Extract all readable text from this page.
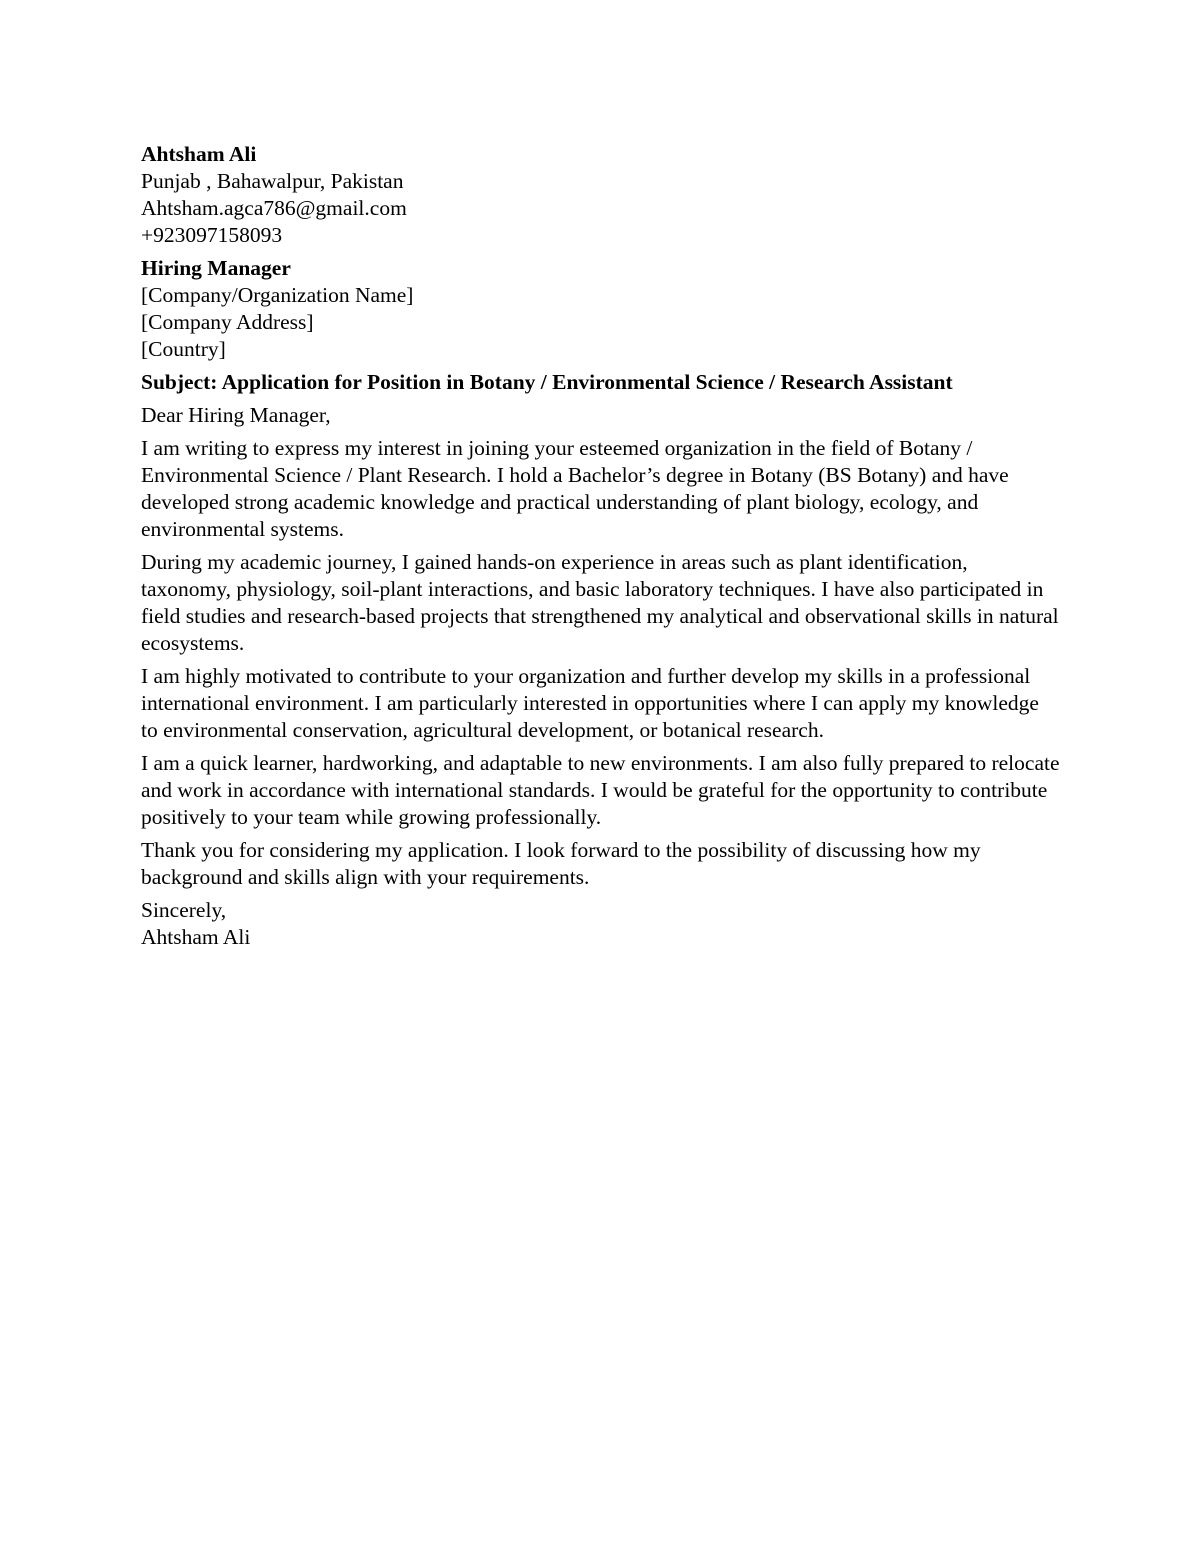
Ahtsham Ali
Punjab , Bahawalpur, Pakistan
Ahtsham.agca786@gmail.com
+923097158093
Hiring Manager
[Company/Organization Name]
[Company Address]
[Country]

Subject: Application for Position in Botany / Environmental Science / Research Assistant

Dear Hiring Manager,

I am writing to express my interest in joining your esteemed organization in the field of Botany / Environmental Science / Plant Research. I hold a Bachelor’s degree in Botany (BS Botany) and have developed strong academic knowledge and practical understanding of plant biology, ecology, and environmental systems.

During my academic journey, I gained hands-on experience in areas such as plant identification, taxonomy, physiology, soil-plant interactions, and basic laboratory techniques. I have also participated in field studies and research-based projects that strengthened my analytical and observational skills in natural ecosystems.

I am highly motivated to contribute to your organization and further develop my skills in a professional international environment. I am particularly interested in opportunities where I can apply my knowledge to environmental conservation, agricultural development, or botanical research.

I am a quick learner, hardworking, and adaptable to new environments. I am also fully prepared to relocate and work in accordance with international standards. I would be grateful for the opportunity to contribute positively to your team while growing professionally.

Thank you for considering my application. I look forward to the possibility of discussing how my background and skills align with your requirements.

Sincerely,
Ahtsham Ali
